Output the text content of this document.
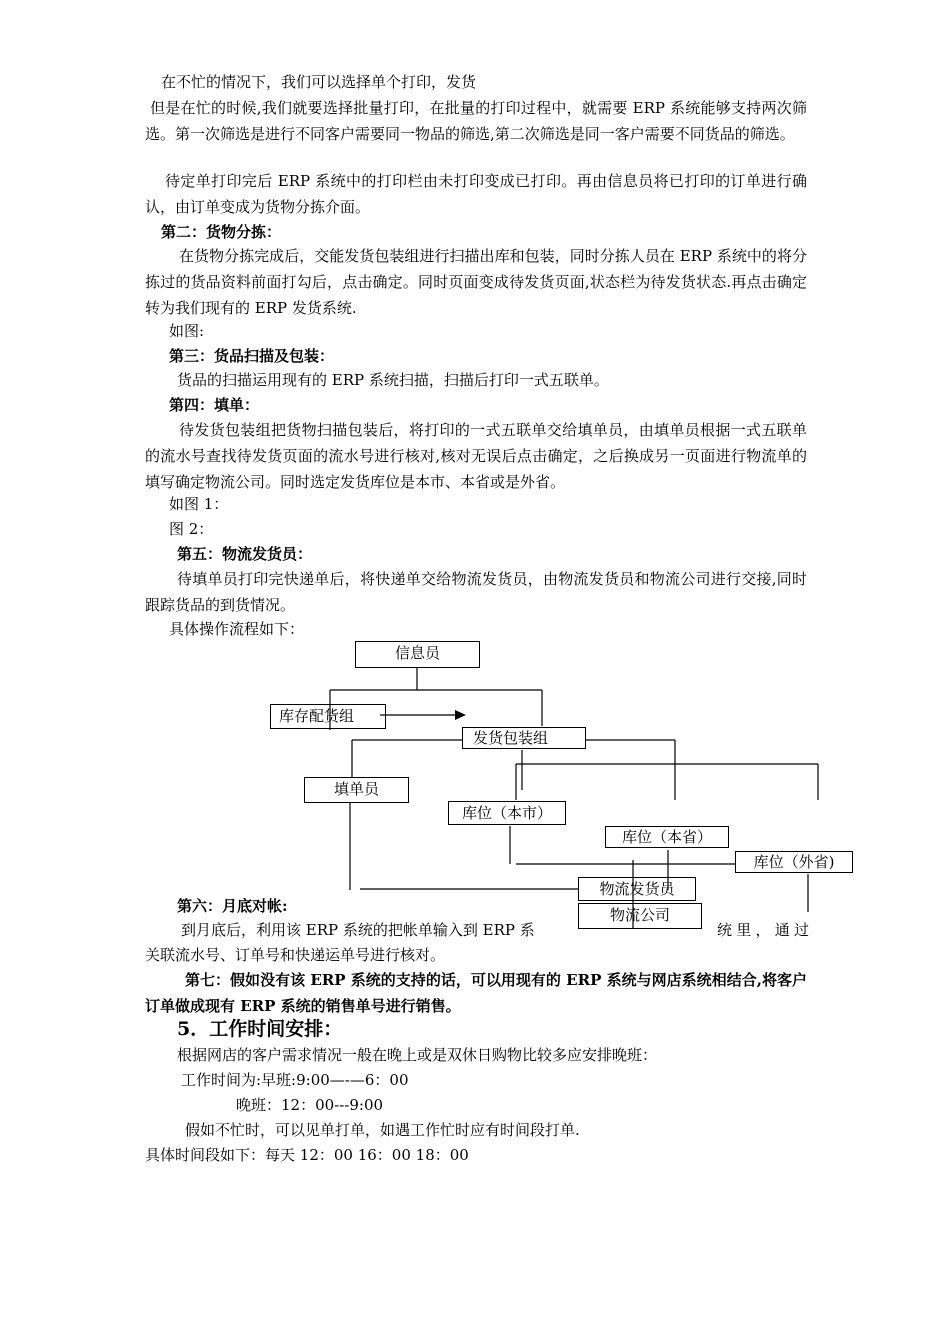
在不忙的情况下，我们可以选择单个打印，发货

但是在忙的时候,我们就要选择批量打印，在批量的打印过程中，就需要 ERP 系统能够支持两次筛选。第一次筛选是进行不同客户需要同一物品的筛选,第二次筛选是同一客户需要不同货品的筛选。

待定单打印完后 ERP 系统中的打印栏由未打印变成已打印。再由信息员将已打印的订单进行确认，由订单变成为货物分拣介面。

第二：货物分拣：

在货物分拣完成后，交能发货包装组进行扫描出库和包装，同时分拣人员在 ERP 系统中的将分拣过的货品资料前面打勾后，点击确定。同时页面变成待发货页面,状态栏为待发货状态.再点击确定转为我们现有的 ERP 发货系统.

如图:

第三：货品扫描及包装：

货品的扫描运用现有的 ERP 系统扫描，扫描后打印一式五联单。

第四：填单：

待发货包装组把货物扫描包装后，将打印的一式五联单交给填单员，由填单员根据一式五联单的流水号查找待发货页面的流水号进行核对,核对无误后点击确定，之后换成另一页面进行物流单的填写确定物流公司。同时选定发货库位是本市、本省或是外省。

如图 1：

图 2：

第五：物流发货员：

待填单员打印完快递单后，将快递单交给物流发货员，由物流发货员和物流公司进行交接,同时跟踪货品的到货情况。

具体操作流程如下：

信息员
库存配货组
发货包装组
填单员
库位（本市）
库位（本省）
库位（外省)
物流发货员
物流公司

第六：月底对帐:

到月底后，利用该 ERP 系统的把帐单输入到 ERP 系	统里，通过

关联流水号、订单号和快递运单号进行核对。

第七：假如没有该 ERP 系统的支持的话，可以用现有的 ERP 系统与网店系统相结合,将客户订单做成现有 ERP 系统的销售单号进行销售。

5．工作时间安排：

根据网店的客户需求情况一般在晚上或是双休日购物比较多应安排晚班：

工作时间为:早班:9:00—-—6：00

晚班：12：00---9:00

假如不忙时，可以见单打单，如遇工作忙时应有时间段打单.

具体时间段如下：每天 12：00 16：00 18：00
